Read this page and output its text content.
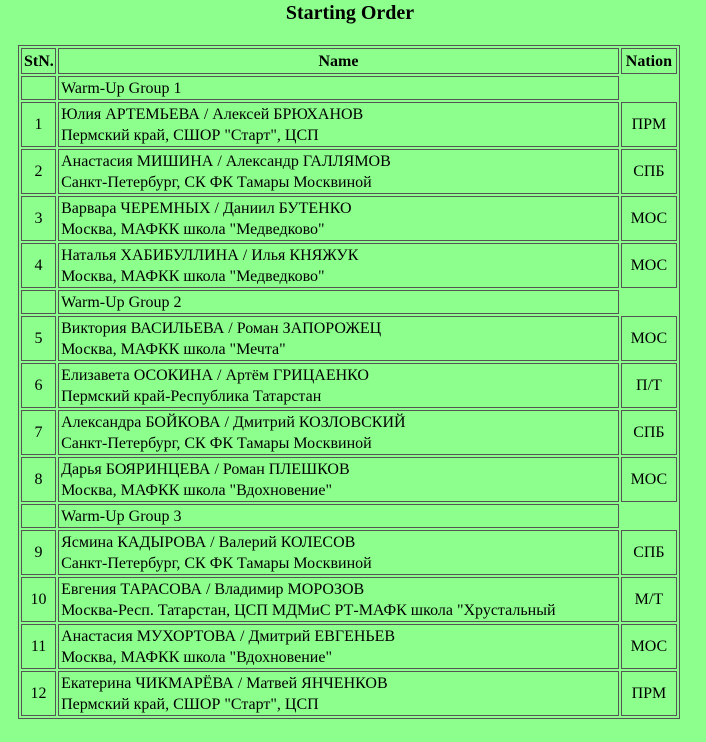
Starting Order
StN.	Name	Nation
	Warm-Up Group 1	
1	Юлия АРТЕМЬЕВА / Алексей БРЮХАНОВ
Пермский край, СШОР "Старт", ЦСП	ПРМ
2	Анастасия МИШИНА / Александр ГАЛЛЯМОВ
Санкт-Петербург, СК ФК Тамары Москвиной	СПБ
3	Варвара ЧЕРЕМНЫХ / Даниил БУТЕНКО
Москва, МАФКК школа "Медведково"	МОС
4	Наталья ХАБИБУЛЛИНА / Илья КНЯЖУК
Москва, МАФКК школа "Медведково"	МОС
	Warm-Up Group 2	
5	Виктория ВАСИЛЬЕВА / Роман ЗАПОРОЖЕЦ
Москва, МАФКК школа "Мечта"	МОС
6	Елизавета ОСОКИНА / Артём ГРИЦАЕНКО
Пермский край-Республика Татарстан	П/Т
7	Александра БОЙКОВА / Дмитрий КОЗЛОВСКИЙ
Санкт-Петербург, СК ФК Тамары Москвиной	СПБ
8	Дарья БОЯРИНЦЕВА / Роман ПЛЕШКОВ
Москва, МАФКК школа "Вдохновение"	МОС
	Warm-Up Group 3	
9	Ясмина КАДЫРОВА / Валерий КОЛЕСОВ
Санкт-Петербург, СК ФК Тамары Москвиной	СПБ
10	Евгения ТАРАСОВА / Владимир МОРОЗОВ
Москва-Респ. Татарстан, ЦСП МДМиС РТ-МАФК школа "Хрустальный	М/Т
11	Анастасия МУХОРТОВА / Дмитрий ЕВГЕНЬЕВ
Москва, МАФКК школа "Вдохновение"	МОС
12	Екатерина ЧИКМАРЁВА / Матвей ЯНЧЕНКОВ
Пермский край, СШОР "Старт", ЦСП	ПРМ
